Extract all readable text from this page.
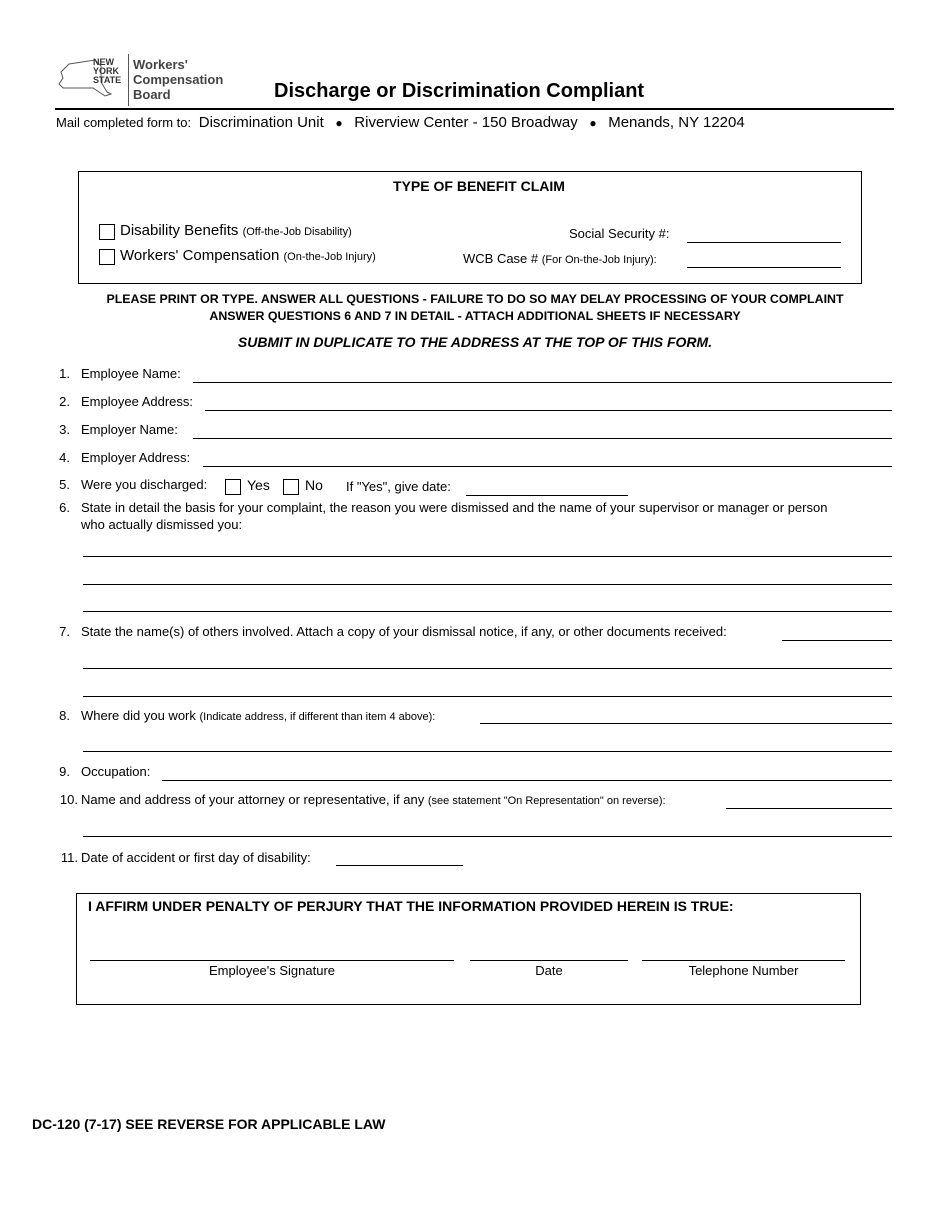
NEW
YORK
STATE
Workers'
Compensation
Board	Discharge or Discrimination Compliant
Mail completed form to: Discrimination Unit ● Riverview Center - 150 Broadway ● Menands, NY 12204
TYPE OF BENEFIT CLAIM
Disability Benefits (Off-the-Job Disability)
Workers' Compensation (On-the-Job Injury)
Social Security #:
WCB Case # (For On-the-Job Injury):
PLEASE PRINT OR TYPE. ANSWER ALL QUESTIONS - FAILURE TO DO SO MAY DELAY PROCESSING OF YOUR COMPLAINT
ANSWER QUESTIONS 6 AND 7 IN DETAIL - ATTACH ADDITIONAL SHEETS IF NECESSARY
SUBMIT IN DUPLICATE TO THE ADDRESS AT THE TOP OF THIS FORM.
1. Employee Name:
2. Employee Address:
3. Employer Name:
4. Employer Address:
5. Were you discharged:	Yes	No If "Yes", give date:
6. State in detail the basis for your complaint, the reason you were dismissed and the name of your supervisor or manager or person
who actually dismissed you:
7. State the name(s) of others involved. Attach a copy of your dismissal notice, if any, or other documents received:
8. Where did you work (Indicate address, if different than item 4 above):
9. Occupation:
10. Name and address of your attorney or representative, if any (see statement "On Representation" on reverse):
11. Date of accident or first day of disability:
I AFFIRM UNDER PENALTY OF PERJURY THAT THE INFORMATION PROVIDED HEREIN IS TRUE:
Employee's Signature	Date	Telephone Number
DC-120 (7-17) SEE REVERSE FOR APPLICABLE LAW
